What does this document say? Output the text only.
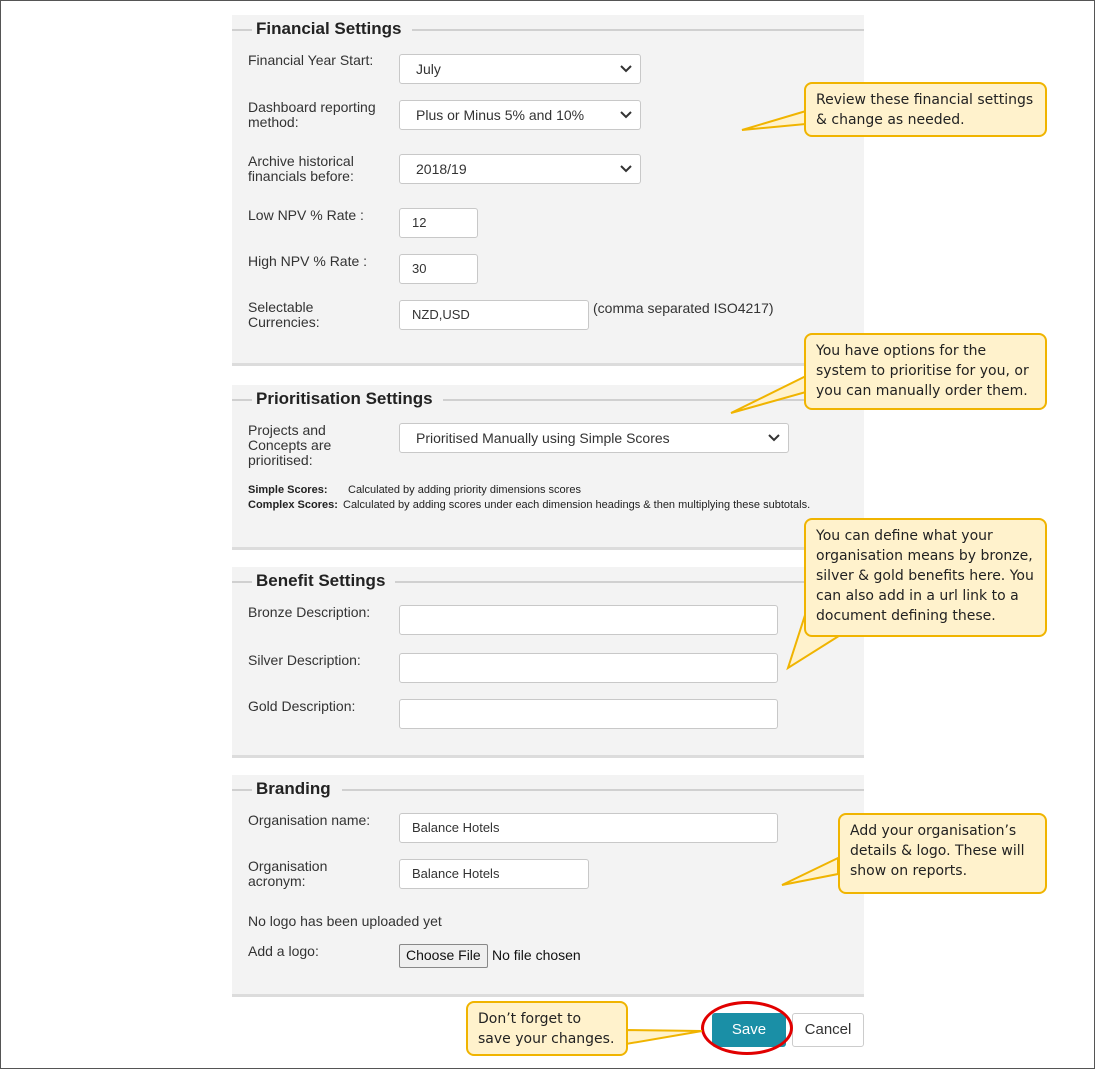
Financial Settings
Financial Year Start:
July
Dashboard reporting method:	Plus or Minus 5% and 10%
Archive historical financials before:	2018/19
Low NPV % Rate :	12
High NPV % Rate :	30
Selectable Currencies:	NZD,USD	(comma separated ISO4217)
Prioritisation Settings
Projects and Concepts are prioritised:
Prioritised Manually using Simple Scores
Simple Scores: Calculated by adding priority dimensions scores
Complex Scores: Calculated by adding scores under each dimension headings & then multiplying these subtotals.
Benefit Settings
Bronze Description:
Silver Description:
Gold Description:
Branding
Organisation name:	Balance Hotels
Organisation acronym:	Balance Hotels
No logo has been uploaded yet
Add a logo:	Choose File No file chosen
Save	Cancel
Review these financial settings & change as needed.
You have options for the system to prioritise for you, or you can manually order them.
You can define what your organisation means by bronze, silver & gold benefits here. You can also add in a url link to a document defining these.
Add your organisation’s details & logo. These will show on reports.
Don’t forget to save your changes.
